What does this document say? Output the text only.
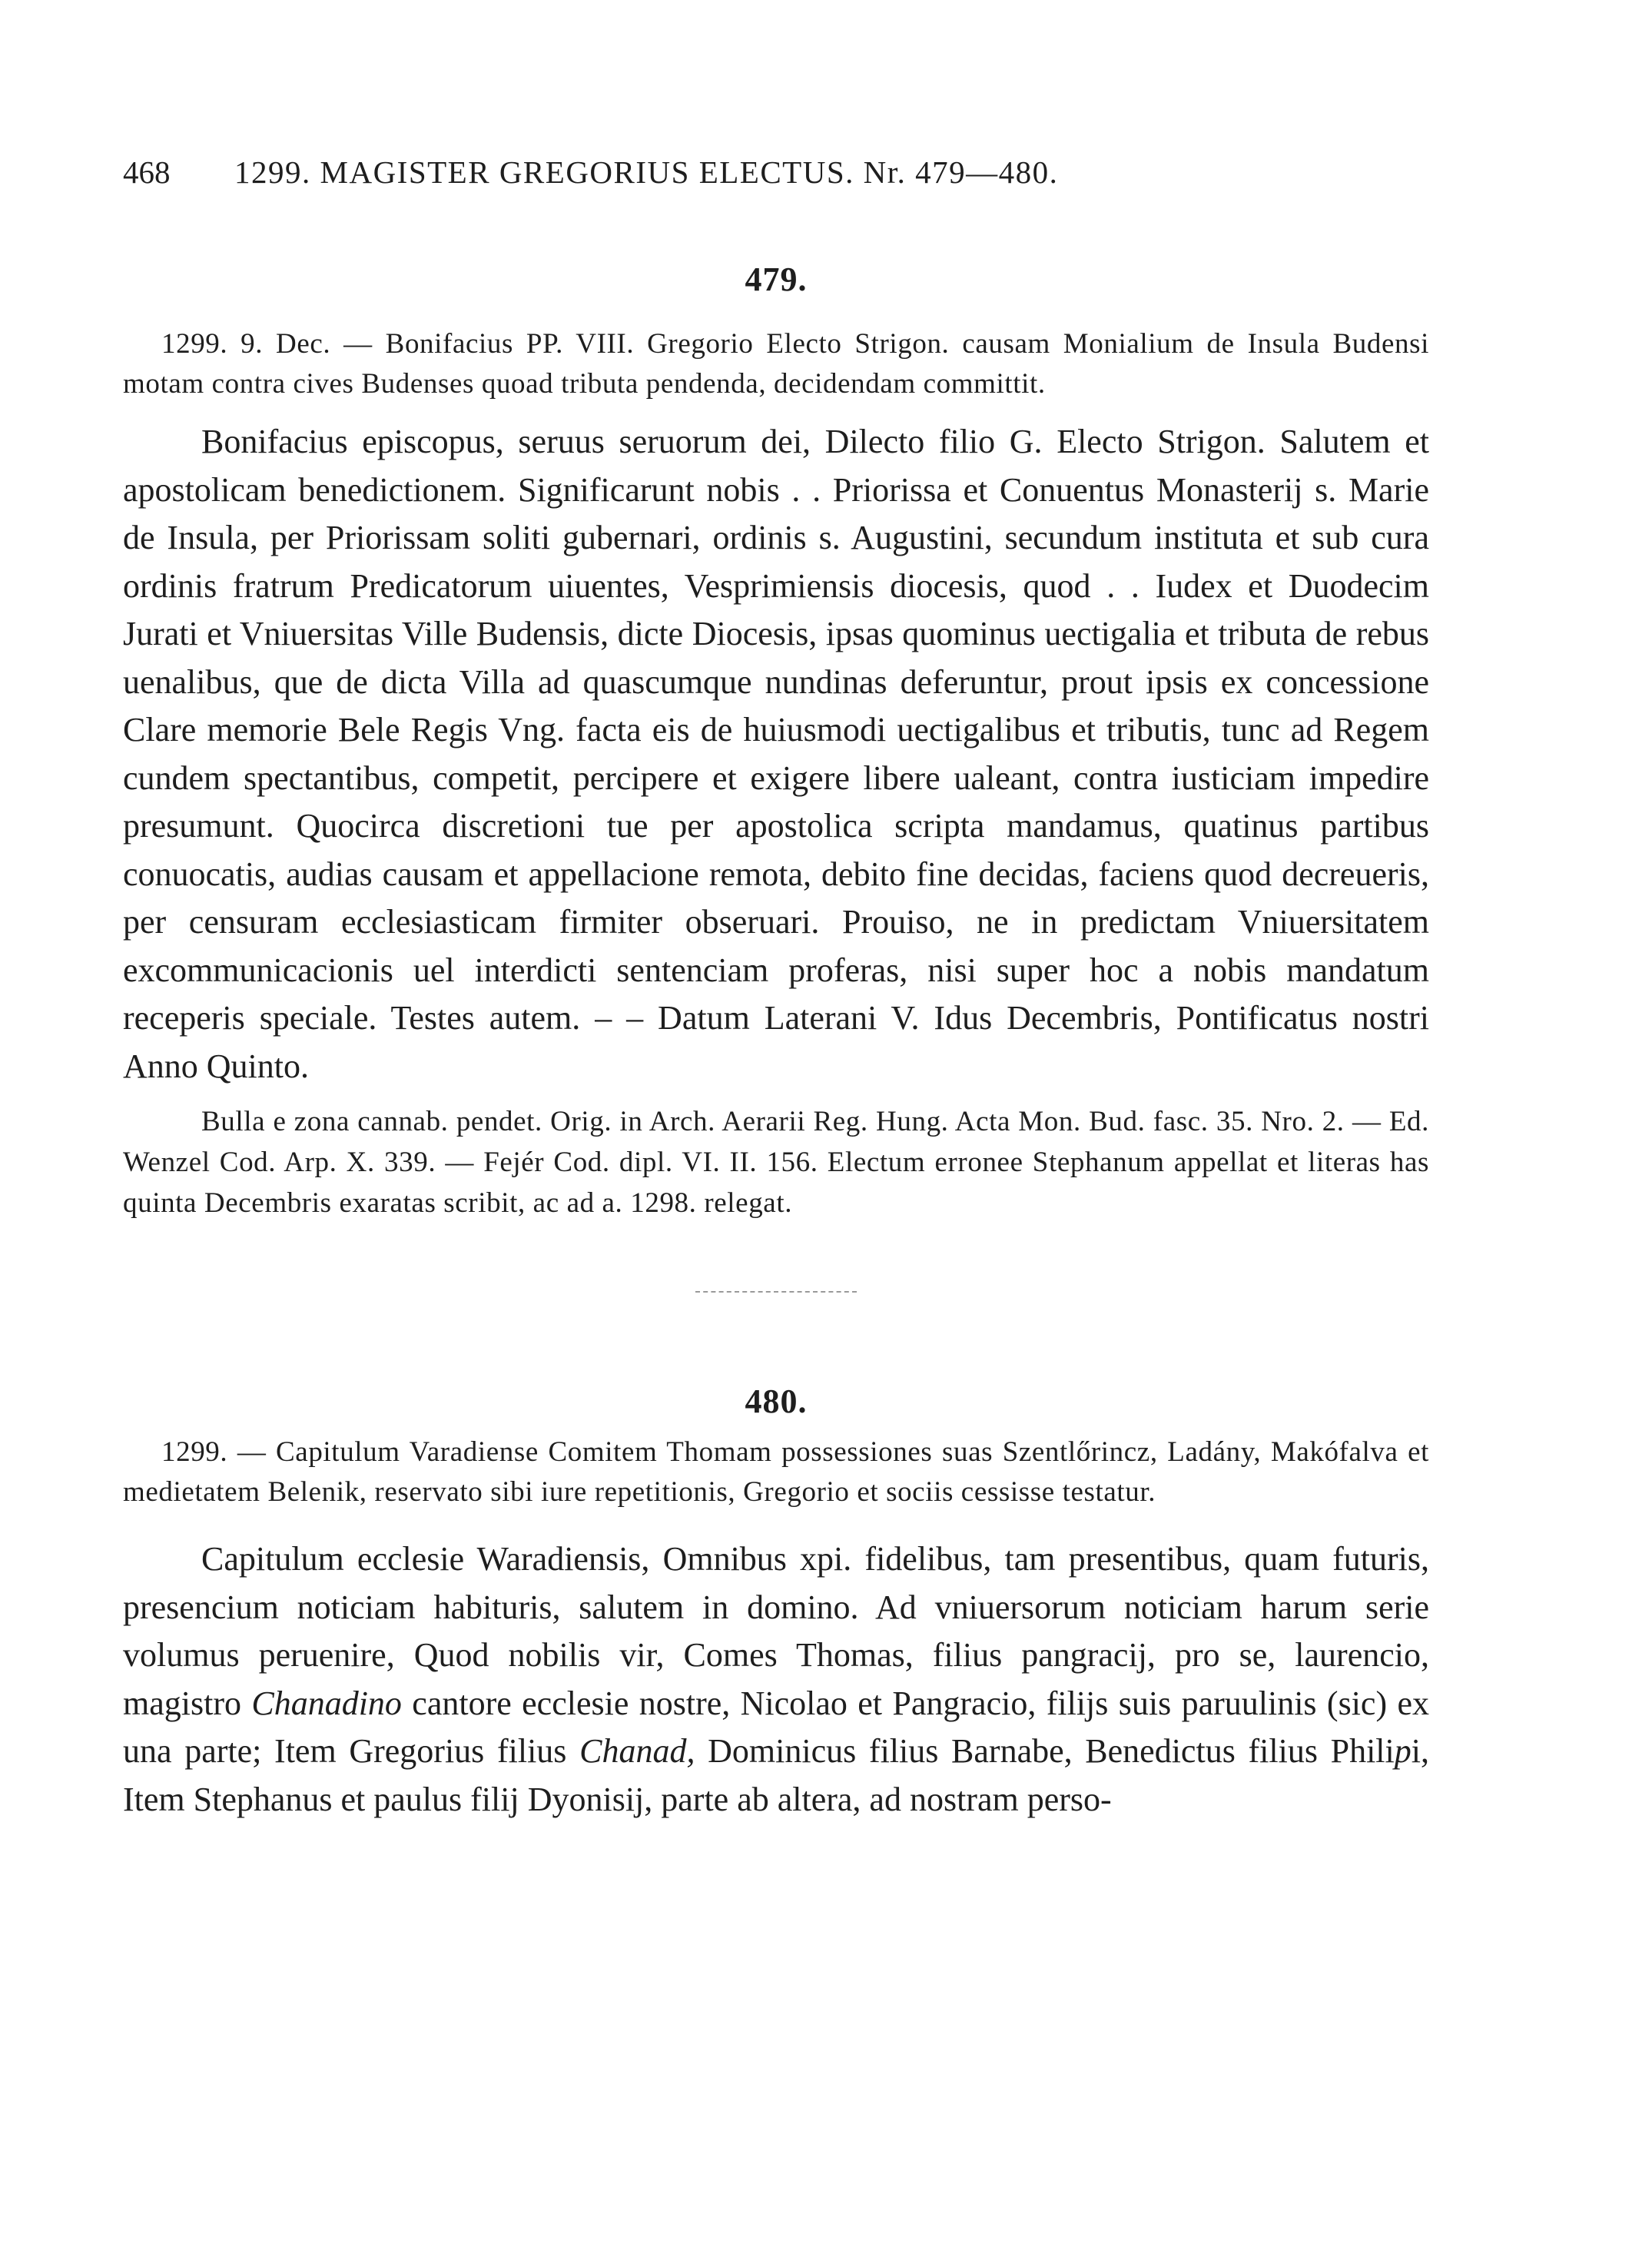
468	1299. MAGISTER GREGORIUS ELECTUS. Nr. 479—480.

479.

1299. 9. Dec. — Bonifacius PP. VIII. Gregorio Electo Strigon. causam Monialium de Insula Budensi motam contra cives Budenses quoad tributa pendenda, decidendam committit.

Bonifacius episcopus, seruus seruorum dei, Dilecto filio G. Electo Strigon. Salutem et apostolicam benedictionem. Significarunt nobis . . Priorissa et Conuentus Monasterij s. Marie de Insula, per Priorissam soliti gubernari, ordinis s. Augustini, secundum instituta et sub cura ordinis fratrum Predicatorum uiuentes, Vesprimiensis diocesis, quod . . Iudex et Duodecim Jurati et Vniuersitas Ville Budensis, dicte Diocesis, ipsas quominus uectigalia et tributa de rebus uenalibus, que de dicta Villa ad quascumque nundinas deferuntur, prout ipsis ex concessione Clare memorie Bele Regis Vng. facta eis de huiusmodi uectigalibus et tributis, tunc ad Regem cundem spectantibus, competit, percipere et exigere libere ualeant, contra iusticiam impedire presumunt. Quocirca discretioni tue per apostolica scripta mandamus, quatinus partibus conuocatis, audias causam et appellacione remota, debito fine decidas, faciens quod decreueris, per censuram ecclesiasticam firmiter obseruari. Prouiso, ne in predictam Vniuersitatem excommunicacionis uel interdicti sentenciam proferas, nisi super hoc a nobis mandatum receperis speciale. Testes autem. – – Datum Laterani V. Idus Decembris, Pontificatus nostri Anno Quinto.

Bulla e zona cannab. pendet. Orig. in Arch. Aerarii Reg. Hung. Acta Mon. Bud. fasc. 35. Nro. 2. — Ed. Wenzel Cod. Arp. X. 339. — Fejér Cod. dipl. VI. II. 156. Electum erronee Stephanum appellat et literas has quinta Decembris exaratas scribit, ac ad a. 1298. relegat.

480.

1299. — Capitulum Varadiense Comitem Thomam possessiones suas Szentlőrincz, Ladány, Makófalva et medietatem Belenik, reservato sibi iure repetitionis, Gregorio et sociis cessisse testatur.

Capitulum ecclesie Waradiensis, Omnibus xpi. fidelibus, tam presentibus, quam futuris, presencium noticiam habituris, salutem in domino. Ad vniuersorum noticiam harum serie volumus peruenire, Quod nobilis vir, Comes Thomas, filius pangracij, pro se, laurencio, magistro Chanadino cantore ecclesie nostre, Nicolao et Pangracio, filijs suis paruulinis (sic) ex una parte; Item Gregorius filius Chanad, Dominicus filius Barnabe, Benedictus filius Philipi, Item Stephanus et paulus filij Dyonisij, parte ab altera, ad nostram perso-
